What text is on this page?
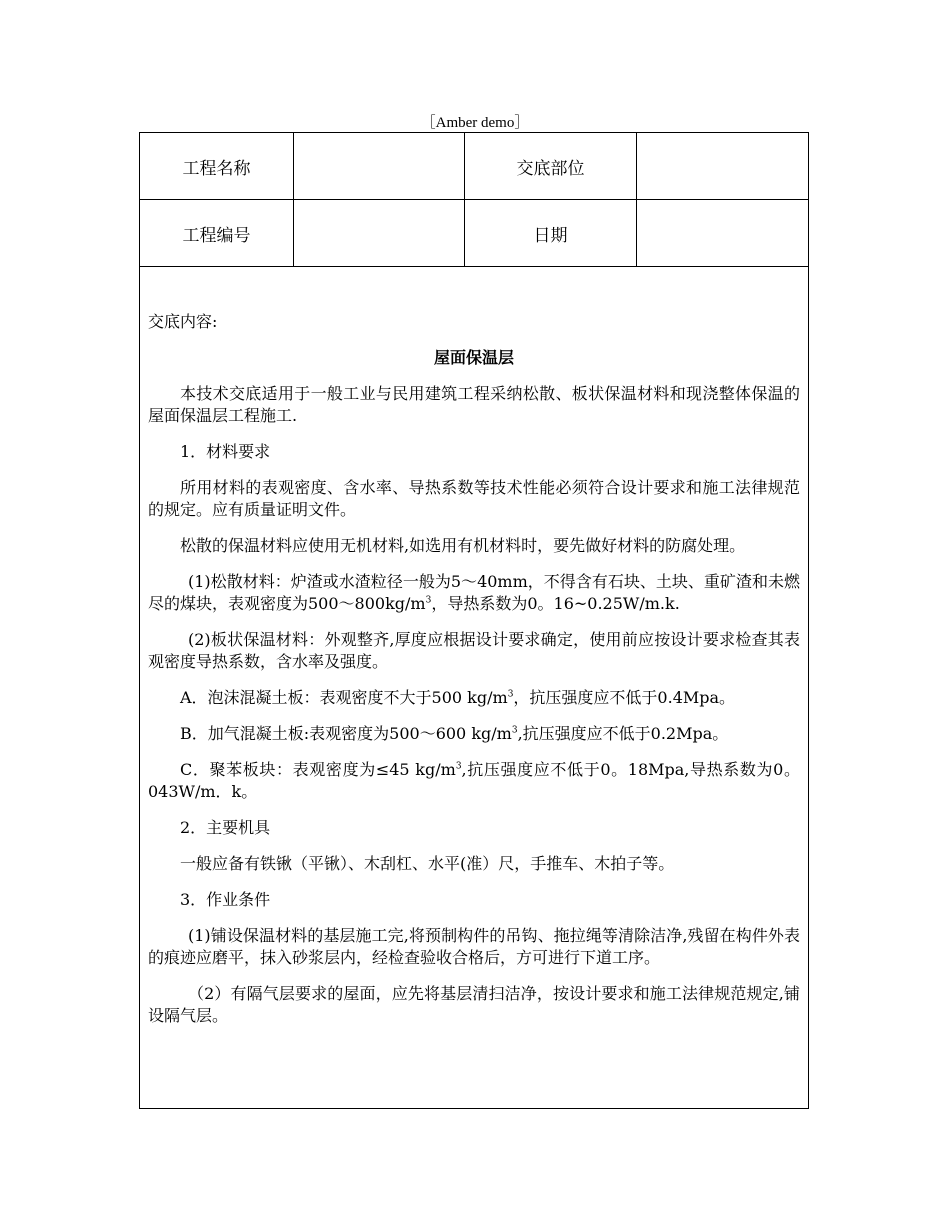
［Amber demo］
工程名称	交底部位
工程编号	日期

交底内容:

屋面保温层

本技术交底适用于一般工业与民用建筑工程采纳松散、板状保温材料和现浇整体保温的屋面保温层工程施工.

1．材料要求

所用材料的表观密度、含水率、导热系数等技术性能必须符合设计要求和施工法律规范的规定。应有质量证明文件。

松散的保温材料应使用无机材料,如选用有机材料时，要先做好材料的防腐处理。

(1)松散材料：炉渣或水渣粒径一般为5～40mm，不得含有石块、土块、重矿渣和未燃尽的煤块，表观密度为$500\sim 800kg/m^3$，导热系数为0。16~0.25W/m.k.

(2)板状保温材料：外观整齐,厚度应根据设计要求确定，使用前应按设计要求检查其表观密度导热系数，含水率及强度。

A．泡沫混凝土板：表观密度不大于500 $kg/m^3$，抗压强度应不低于0.4Mpa。

B．加气混凝土板:表观密度为500～600 $kg/m^3$,抗压强度应不低于0.2Mpa。

C．聚苯板块：表观密度为≤45 $kg/m^3$,抗压强度应不低于0。18Mpa,导热系数为0。043W/m．k。

2．主要机具

一般应备有铁锹（平锹）、木刮杠、水平(准）尺，手推车、木拍子等。

3．作业条件

(1)铺设保温材料的基层施工完,将预制构件的吊钩、拖拉绳等清除洁净,残留在构件外表的痕迹应磨平，抹入砂浆层内，经检查验收合格后，方可进行下道工序。

（2）有隔气层要求的屋面，应先将基层清扫洁净，按设计要求和施工法律规范规定,铺设隔气层。
